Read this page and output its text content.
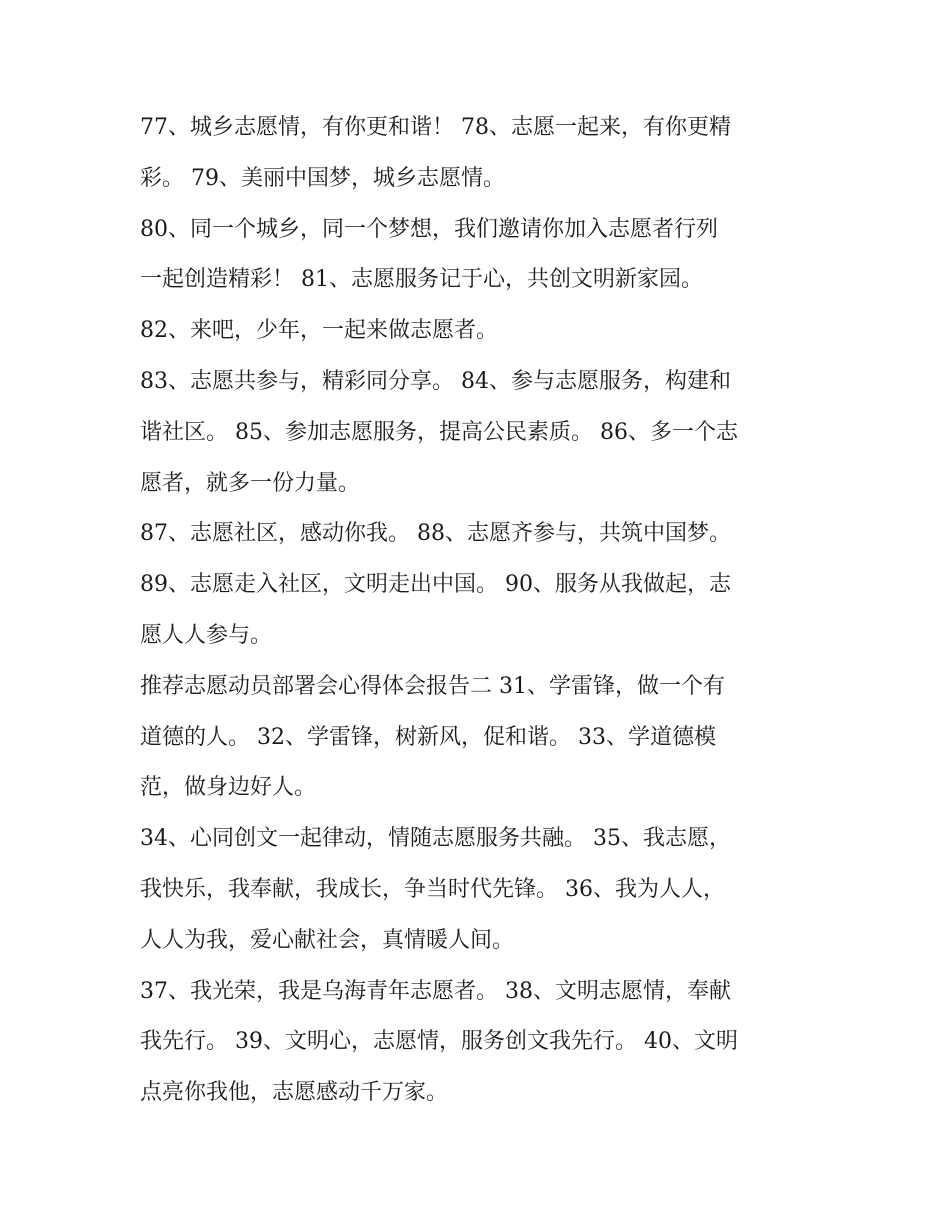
77、城乡志愿情，有你更和谐！ 78、志愿一起来，有你更精
彩。 79、美丽中国梦，城乡志愿情。
80、同一个城乡，同一个梦想，我们邀请你加入志愿者行列
一起创造精彩！ 81、志愿服务记于心，共创文明新家园。
82、来吧，少年，一起来做志愿者。
83、志愿共参与，精彩同分享。 84、参与志愿服务，构建和
谐社区。 85、参加志愿服务，提高公民素质。 86、多一个志
愿者，就多一份力量。
87、志愿社区，感动你我。 88、志愿齐参与，共筑中国梦。
89、志愿走入社区，文明走出中国。 90、服务从我做起，志
愿人人参与。
推荐志愿动员部署会心得体会报告二 31、学雷锋，做一个有
道德的人。 32、学雷锋，树新风，促和谐。 33、学道德模
范，做身边好人。
34、心同创文一起律动，情随志愿服务共融。 35、我志愿，
我快乐，我奉献，我成长，争当时代先锋。 36、我为人人，
人人为我，爱心献社会，真情暖人间。
37、我光荣，我是乌海青年志愿者。 38、文明志愿情，奉献
我先行。 39、文明心，志愿情，服务创文我先行。 40、文明
点亮你我他，志愿感动千万家。
